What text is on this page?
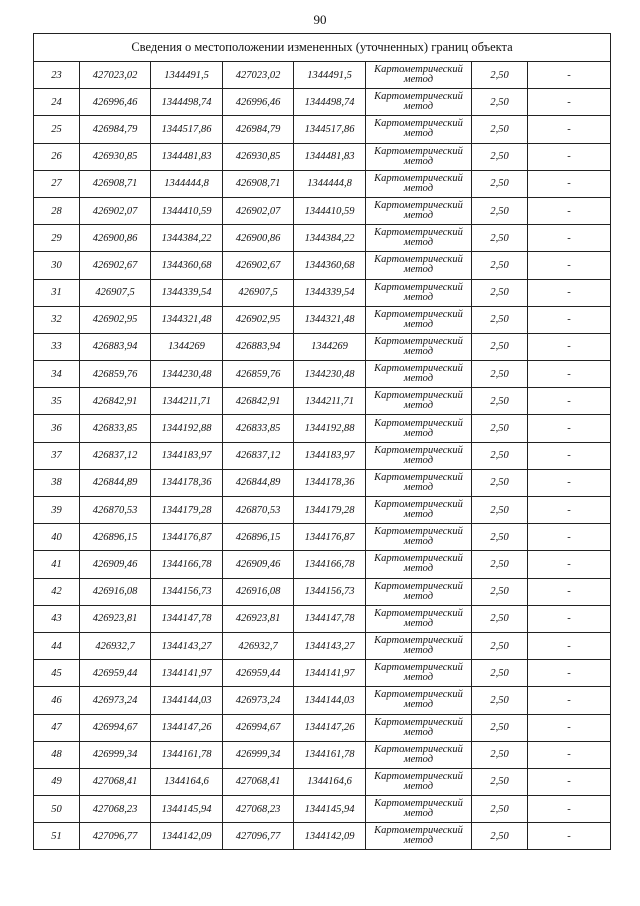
90
Сведения о местоположении измененных (уточненных) границ объекта							
23	427023,02	1344491,5	427023,02	1344491,5	Картометрический метод	2,50	-
24	426996,46	1344498,74	426996,46	1344498,74	Картометрический метод	2,50	-
25	426984,79	1344517,86	426984,79	1344517,86	Картометрический метод	2,50	-
26	426930,85	1344481,83	426930,85	1344481,83	Картометрический метод	2,50	-
27	426908,71	1344444,8	426908,71	1344444,8	Картометрический метод	2,50	-
28	426902,07	1344410,59	426902,07	1344410,59	Картометрический метод	2,50	-
29	426900,86	1344384,22	426900,86	1344384,22	Картометрический метод	2,50	-
30	426902,67	1344360,68	426902,67	1344360,68	Картометрический метод	2,50	-
31	426907,5	1344339,54	426907,5	1344339,54	Картометрический метод	2,50	-
32	426902,95	1344321,48	426902,95	1344321,48	Картометрический метод	2,50	-
33	426883,94	1344269	426883,94	1344269	Картометрический метод	2,50	-
34	426859,76	1344230,48	426859,76	1344230,48	Картометрический метод	2,50	-
35	426842,91	1344211,71	426842,91	1344211,71	Картометрический метод	2,50	-
36	426833,85	1344192,88	426833,85	1344192,88	Картометрический метод	2,50	-
37	426837,12	1344183,97	426837,12	1344183,97	Картометрический метод	2,50	-
38	426844,89	1344178,36	426844,89	1344178,36	Картометрический метод	2,50	-
39	426870,53	1344179,28	426870,53	1344179,28	Картометрический метод	2,50	-
40	426896,15	1344176,87	426896,15	1344176,87	Картометрический метод	2,50	-
41	426909,46	1344166,78	426909,46	1344166,78	Картометрический метод	2,50	-
42	426916,08	1344156,73	426916,08	1344156,73	Картометрический метод	2,50	-
43	426923,81	1344147,78	426923,81	1344147,78	Картометрический метод	2,50	-
44	426932,7	1344143,27	426932,7	1344143,27	Картометрический метод	2,50	-
45	426959,44	1344141,97	426959,44	1344141,97	Картометрический метод	2,50	-
46	426973,24	1344144,03	426973,24	1344144,03	Картометрический метод	2,50	-
47	426994,67	1344147,26	426994,67	1344147,26	Картометрический метод	2,50	-
48	426999,34	1344161,78	426999,34	1344161,78	Картометрический метод	2,50	-
49	427068,41	1344164,6	427068,41	1344164,6	Картометрический метод	2,50	-
50	427068,23	1344145,94	427068,23	1344145,94	Картометрический метод	2,50	-
51	427096,77	1344142,09	427096,77	1344142,09	Картометрический метод	2,50	-
